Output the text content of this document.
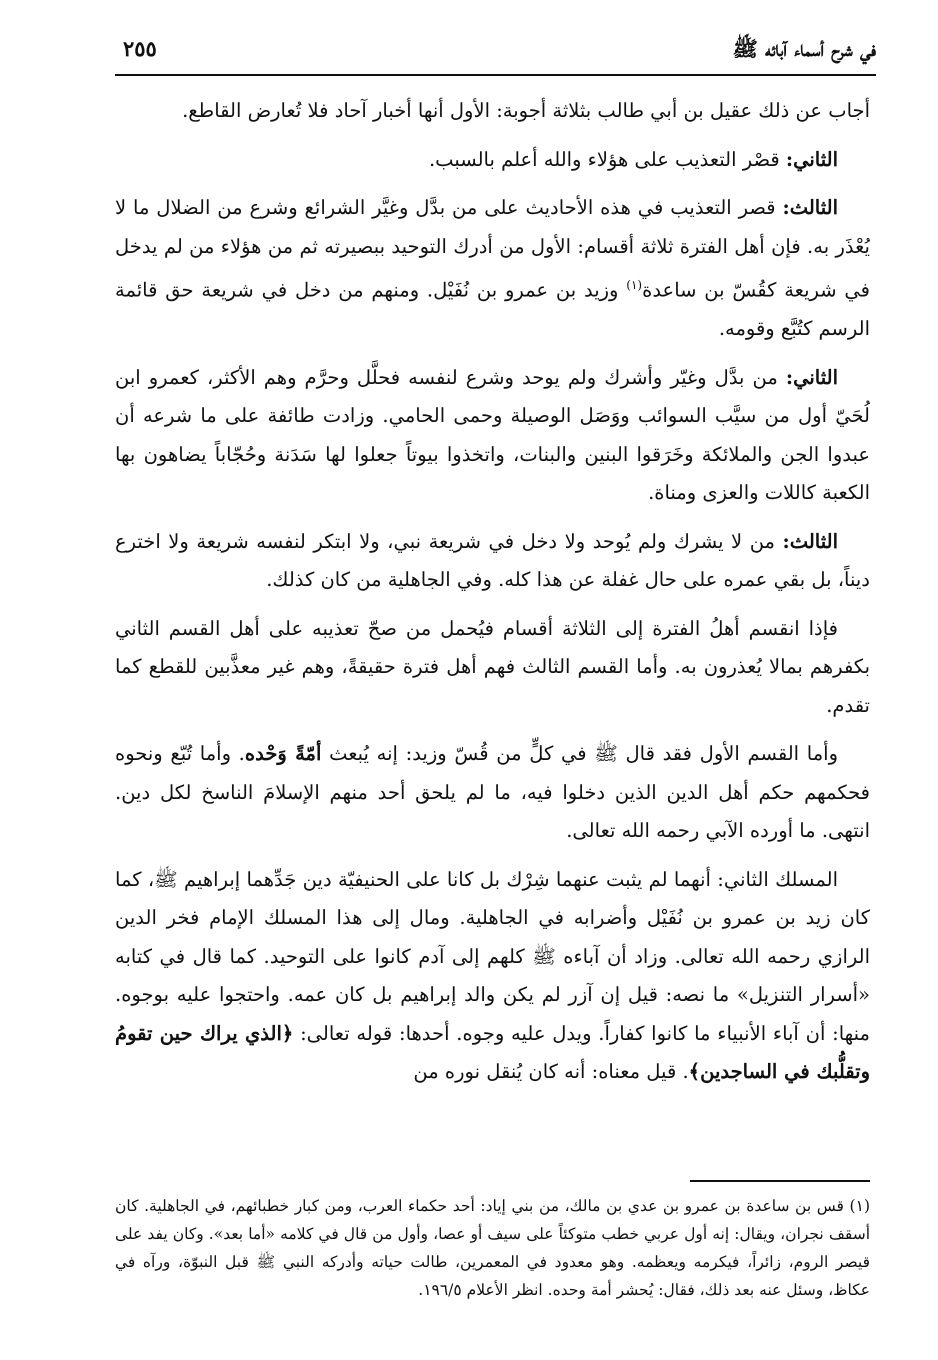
في شرح أسماء آبائه ﷺ
٢٥٥

أجاب عن ذلك عقيل بن أبي طالب بثلاثة أجوبة: الأول أنها أخبار آحاد فلا تُعارض القاطع.

الثاني: قصْر التعذيب على هؤلاء والله أعلم بالسبب.

الثالث: قصر التعذيب في هذه الأحاديث على من بدَّل وغيَّر الشرائع وشرع من الضلال ما لا يُعْذَر به. فإن أهل الفترة ثلاثة أقسام: الأول من أدرك التوحيد ببصيرته ثم من هؤلاء من لم يدخل في شريعة كقُسّ بن ساعدة$^{(١)}$ وزيد بن عمرو بن نُفَيْل. ومنهم من دخل في شريعة حق قائمة الرسم كتُبَّع وقومه.

الثاني: من بدَّل وغيّر وأشرك ولم يوحد وشرع لنفسه فحلَّل وحرَّم وهم الأكثر، كعمرو ابن لُحَيّ أول من سيَّب السوائب ووَصَل الوصيلة وحمى الحامي. وزادت طائفة على ما شرعه أن عبدوا الجن والملائكة وخَرَقوا البنين والبنات، واتخذوا بيوتاً جعلوا لها سَدَنة وحُجّاباً يضاهون بها الكعبة كاللات والعزى ومناة.

الثالث: من لا يشرك ولم يُوحد ولا دخل في شريعة نبي، ولا ابتكر لنفسه شريعة ولا اخترع ديناً، بل بقي عمره على حال غفلة عن هذا كله. وفي الجاهلية من كان كذلك.

فإذا انقسم أهلُ الفترة إلى الثلاثة أقسام فيُحمل من صحّ تعذيبه على أهل القسم الثاني بكفرهم بمالا يُعذرون به. وأما القسم الثالث فهم أهل فترة حقيقةً، وهم غير معذَّبين للقطع كما تقدم.

وأما القسم الأول فقد قال ﷺ في كلٍّ من قُسّ وزيد: إنه يُبعث أمّةً وَحْده. وأما تُبّع ونحوه فحكمهم حكم أهل الدين الذين دخلوا فيه، ما لم يلحق أحد منهم الإسلامَ الناسخ لكل دين. انتهى. ما أورده الآبي رحمه الله تعالى.

المسلك الثاني: أنهما لم يثبت عنهما شِرْك بل كانا على الحنيفيّة دين جَدِّهما إبراهيم ﷺ، كما كان زيد بن عمرو بن نُفَيْل وأضرابه في الجاهلية. ومال إلى هذا المسلك الإمام فخر الدين الرازي رحمه الله تعالى. وزاد أن آباءه ﷺ كلهم إلى آدم كانوا على التوحيد. كما قال في كتابه «أسرار التنزيل» ما نصه: قيل إن آزر لم يكن والد إبراهيم بل كان عمه. واحتجوا عليه بوجوه. منها: أن آباء الأنبياء ما كانوا كفاراً. ويدل عليه وجوه. أحدها: قوله تعالى: ﴿الذي يراك حين تقومُ وتقلُّبك في الساجدين﴾. قيل معناه: أنه كان يُنقل نوره من

(١) قس بن ساعدة بن عمرو بن عدي بن مالك، من بني إياد: أحد حكماء العرب، ومن كبار خطبائهم، في الجاهلية. كان أسقف نجران، ويقال: إنه أول عربي خطب متوكئاً على سيف أو عصا، وأول من قال في كلامه «أما بعد». وكان يفد على قيصر الروم، زائراً، فيكرمه ويعظمه. وهو معدود في المعمرين، طالت حياته وأدركه النبي ﷺ قبل النبوّة، ورآه في عكاظ، وسئل عنه بعد ذلك، فقال: يُحشر أمة وحده. انظر الأعلام ١٩٦/٥.
